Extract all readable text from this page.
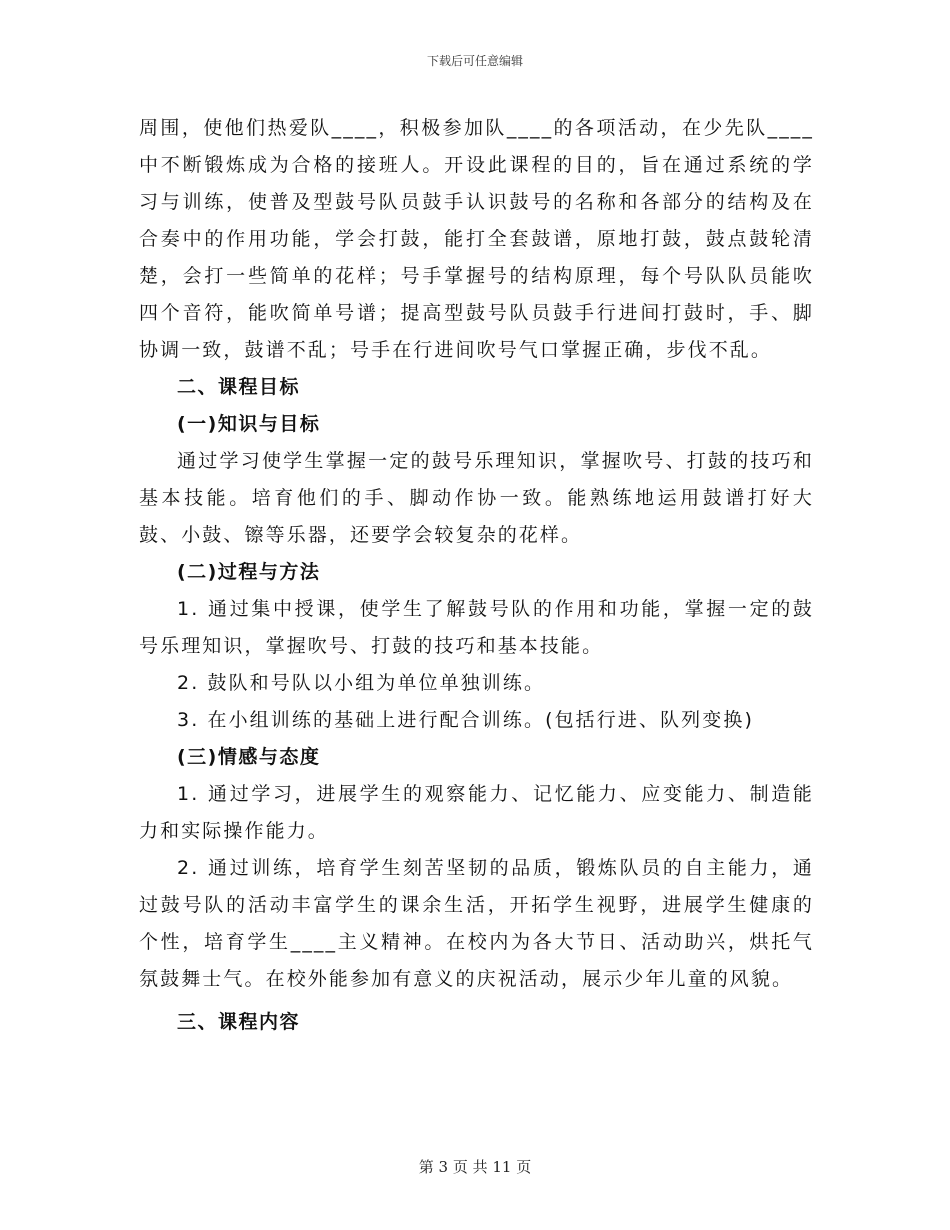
下载后可任意编辑

周围，使他们热爱队____，积极参加队____的各项活动，在少先队____中不断锻炼成为合格的接班人。开设此课程的目的，旨在通过系统的学习与训练，使普及型鼓号队员鼓手认识鼓号的名称和各部分的结构及在合奏中的作用功能，学会打鼓，能打全套鼓谱，原地打鼓，鼓点鼓轮清楚，会打一些简单的花样；号手掌握号的结构原理，每个号队队员能吹四个音符，能吹简单号谱；提高型鼓号队员鼓手行进间打鼓时，手、脚协调一致，鼓谱不乱；号手在行进间吹号气口掌握正确，步伐不乱。

二、课程目标

(一)知识与目标

通过学习使学生掌握一定的鼓号乐理知识，掌握吹号、打鼓的技巧和基本技能。培育他们的手、脚动作协一致。能熟练地运用鼓谱打好大鼓、小鼓、镲等乐器，还要学会较复杂的花样。

(二)过程与方法

1. 通过集中授课，使学生了解鼓号队的作用和功能，掌握一定的鼓号乐理知识，掌握吹号、打鼓的技巧和基本技能。

2. 鼓队和号队以小组为单位单独训练。

3. 在小组训练的基础上进行配合训练。(包括行进、队列变换)

(三)情感与态度

1. 通过学习，进展学生的观察能力、记忆能力、应变能力、制造能力和实际操作能力。

2. 通过训练，培育学生刻苦坚韧的品质，锻炼队员的自主能力，通过鼓号队的活动丰富学生的课余生活，开拓学生视野，进展学生健康的个性，培育学生____主义精神。在校内为各大节日、活动助兴，烘托气氛鼓舞士气。在校外能参加有意义的庆祝活动，展示少年儿童的风貌。

三、课程内容

第 3 页 共 11 页
